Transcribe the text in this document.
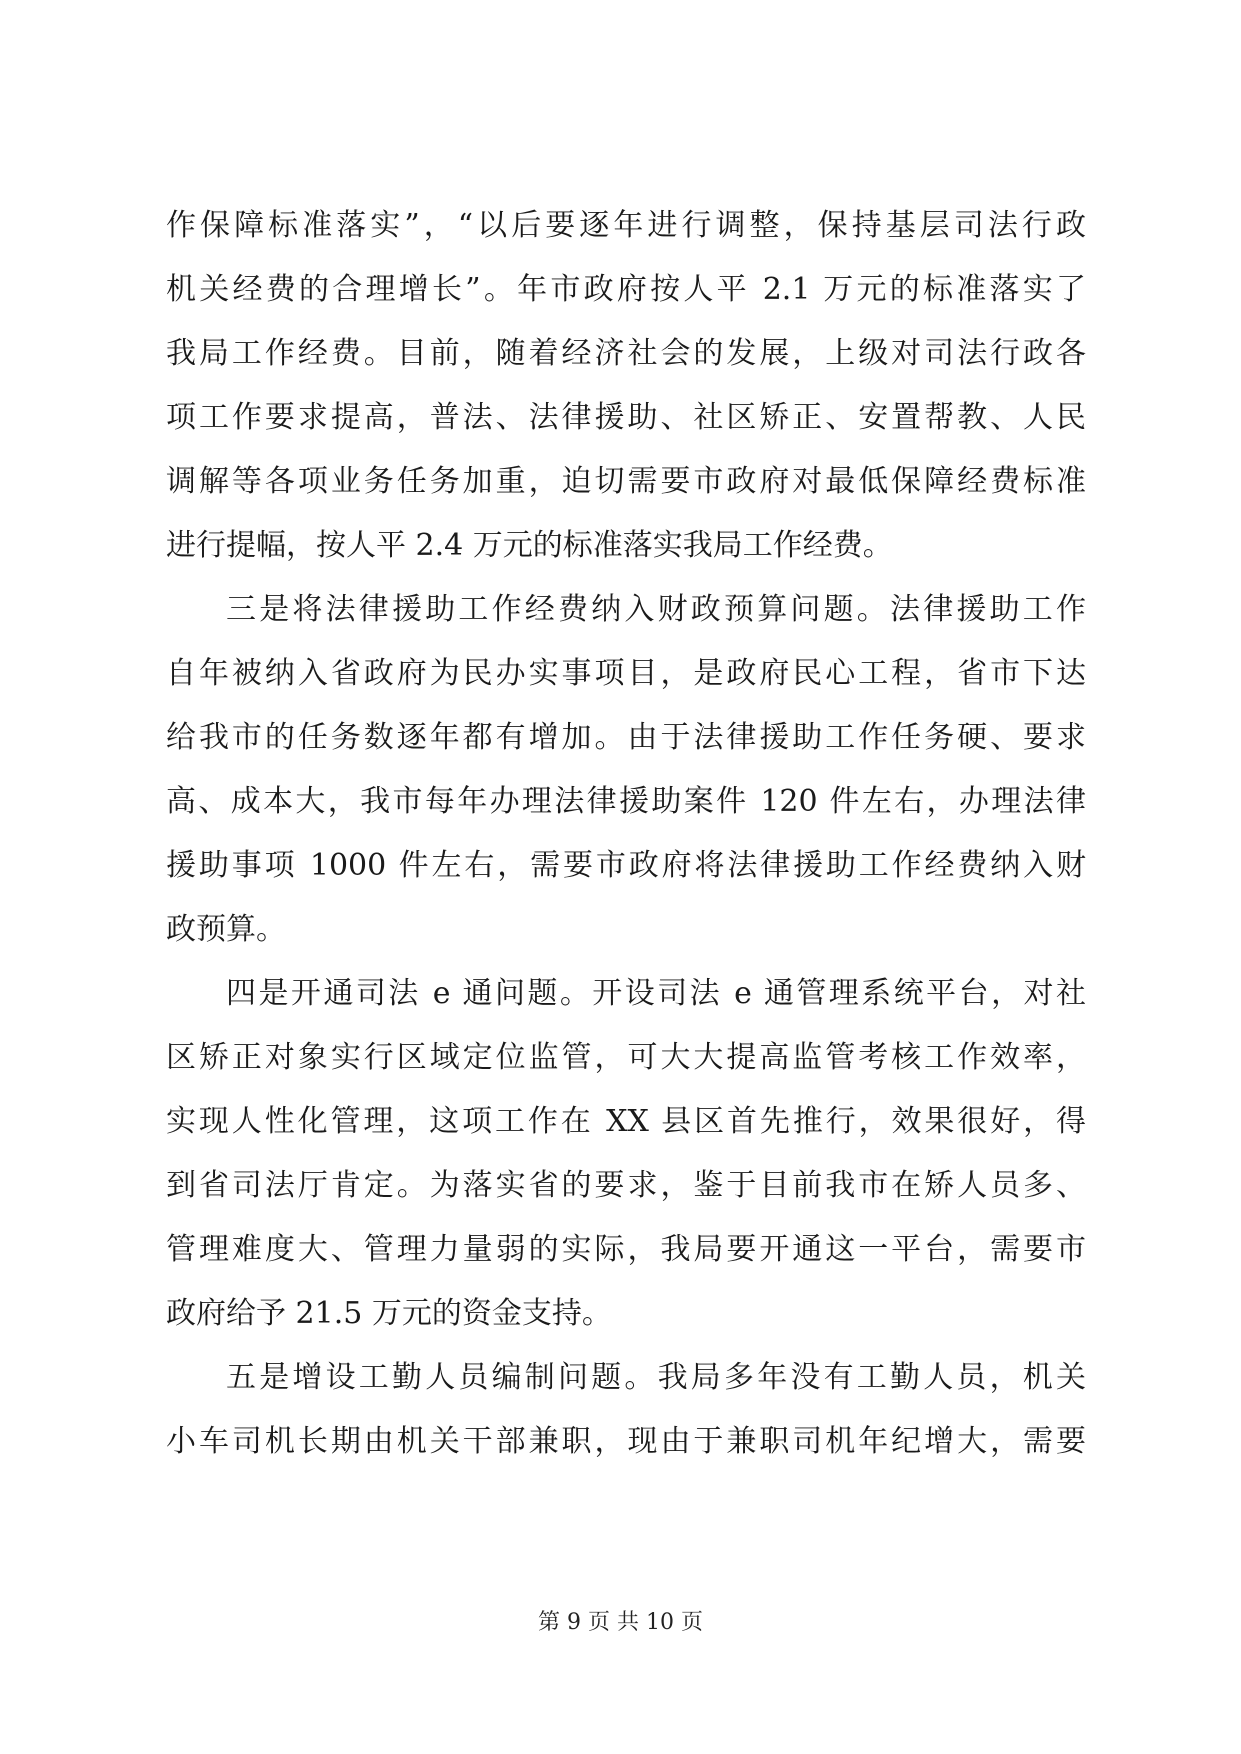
作保障标准落实”，“以后要逐年进行调整，保持基层司法行政
机关经费的合理增长”。年市政府按人平 2.1 万元的标准落实了
我局工作经费。目前，随着经济社会的发展，上级对司法行政各
项工作要求提高，普法、法律援助、社区矫正、安置帮教、人民
调解等各项业务任务加重，迫切需要市政府对最低保障经费标准
进行提幅，按人平 2.4 万元的标准落实我局工作经费。
三是将法律援助工作经费纳入财政预算问题。法律援助工作
自年被纳入省政府为民办实事项目，是政府民心工程，省市下达
给我市的任务数逐年都有增加。由于法律援助工作任务硬、要求
高、成本大，我市每年办理法律援助案件 120 件左右，办理法律
援助事项 1000 件左右，需要市政府将法律援助工作经费纳入财
政预算。
四是开通司法 e 通问题。开设司法 e 通管理系统平台，对社
区矫正对象实行区域定位监管，可大大提高监管考核工作效率，
实现人性化管理，这项工作在 XX 县区首先推行，效果很好，得
到省司法厅肯定。为落实省的要求，鉴于目前我市在矫人员多、
管理难度大、管理力量弱的实际，我局要开通这一平台，需要市
政府给予 21.5 万元的资金支持。
五是增设工勤人员编制问题。我局多年没有工勤人员，机关
小车司机长期由机关干部兼职，现由于兼职司机年纪增大，需要
第 9 页 共 10 页
